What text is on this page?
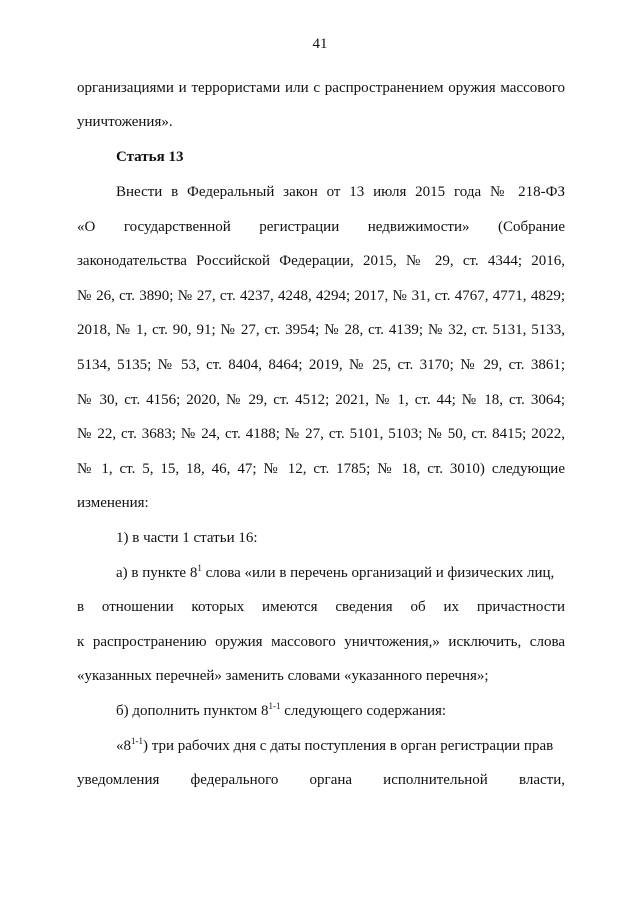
41
организациями и террористами или с распространением оружия массового
уничтожения».
Статья 13
Внести в Федеральный закон от 13 июля 2015 года № 218-ФЗ
«О государственной регистрации недвижимости» (Собрание
законодательства Российской Федерации, 2015, № 29, ст. 4344; 2016,
№ 26, ст. 3890; № 27, ст. 4237, 4248, 4294; 2017, № 31, ст. 4767, 4771, 4829;
2018, № 1, ст. 90, 91; № 27, ст. 3954; № 28, ст. 4139; № 32, ст. 5131, 5133,
5134, 5135; № 53, ст. 8404, 8464; 2019, № 25, ст. 3170; № 29, ст. 3861;
№ 30, ст. 4156; 2020, № 29, ст. 4512; 2021, № 1, ст. 44; № 18, ст. 3064;
№ 22, ст. 3683; № 24, ст. 4188; № 27, ст. 5101, 5103; № 50, ст. 8415; 2022,
№ 1, ст. 5, 15, 18, 46, 47; № 12, ст. 1785; № 18, ст. 3010) следующие
изменения:
1) в части 1 статьи 16:
а) в пункте $8^1$ слова «или в перечень организаций и физических лиц,
в отношении которых имеются сведения об их причастности
к распространению оружия массового уничтожения,» исключить, слова
«указанных перечней» заменить словами «указанного перечня»;
б) дополнить пунктом 8$^{1-1}$ следующего содержания:
«8$^{1-1}$) три рабочих дня с даты поступления в орган регистрации прав
уведомления федерального органа исполнительной власти,
